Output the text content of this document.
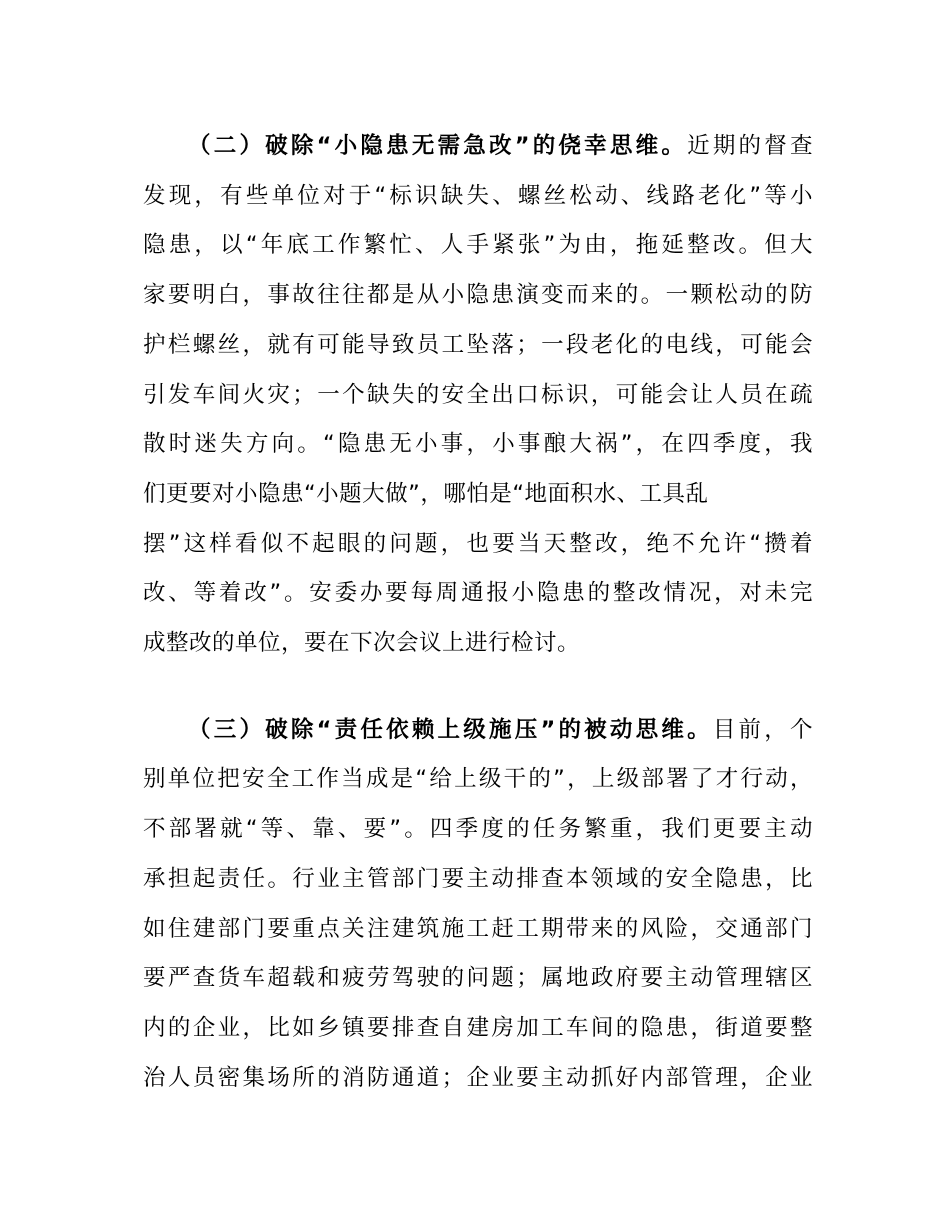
（二）破除“小隐患无需急改”的侥幸思维。近期的督查
发现，有些单位对于“标识缺失、螺丝松动、线路老化”等小
隐患，以“年底工作繁忙、人手紧张”为由，拖延整改。但大
家要明白，事故往往都是从小隐患演变而来的。一颗松动的防
护栏螺丝，就有可能导致员工坠落；一段老化的电线，可能会
引发车间火灾；一个缺失的安全出口标识，可能会让人员在疏
散时迷失方向。“隐患无小事，小事酿大祸”，在四季度，我
们更要对小隐患“小题大做”，哪怕是“地面积水、工具乱
摆”这样看似不起眼的问题，也要当天整改，绝不允许“攒着
改、等着改”。安委办要每周通报小隐患的整改情况，对未完
成整改的单位，要在下次会议上进行检讨。
（三）破除“责任依赖上级施压”的被动思维。目前，个
别单位把安全工作当成是“给上级干的”，上级部署了才行动，
不部署就“等、靠、要”。四季度的任务繁重，我们更要主动
承担起责任。行业主管部门要主动排查本领域的安全隐患，比
如住建部门要重点关注建筑施工赶工期带来的风险，交通部门
要严查货车超载和疲劳驾驶的问题；属地政府要主动管理辖区
内的企业，比如乡镇要排查自建房加工车间的隐患，街道要整
治人员密集场所的消防通道；企业要主动抓好内部管理，企业
